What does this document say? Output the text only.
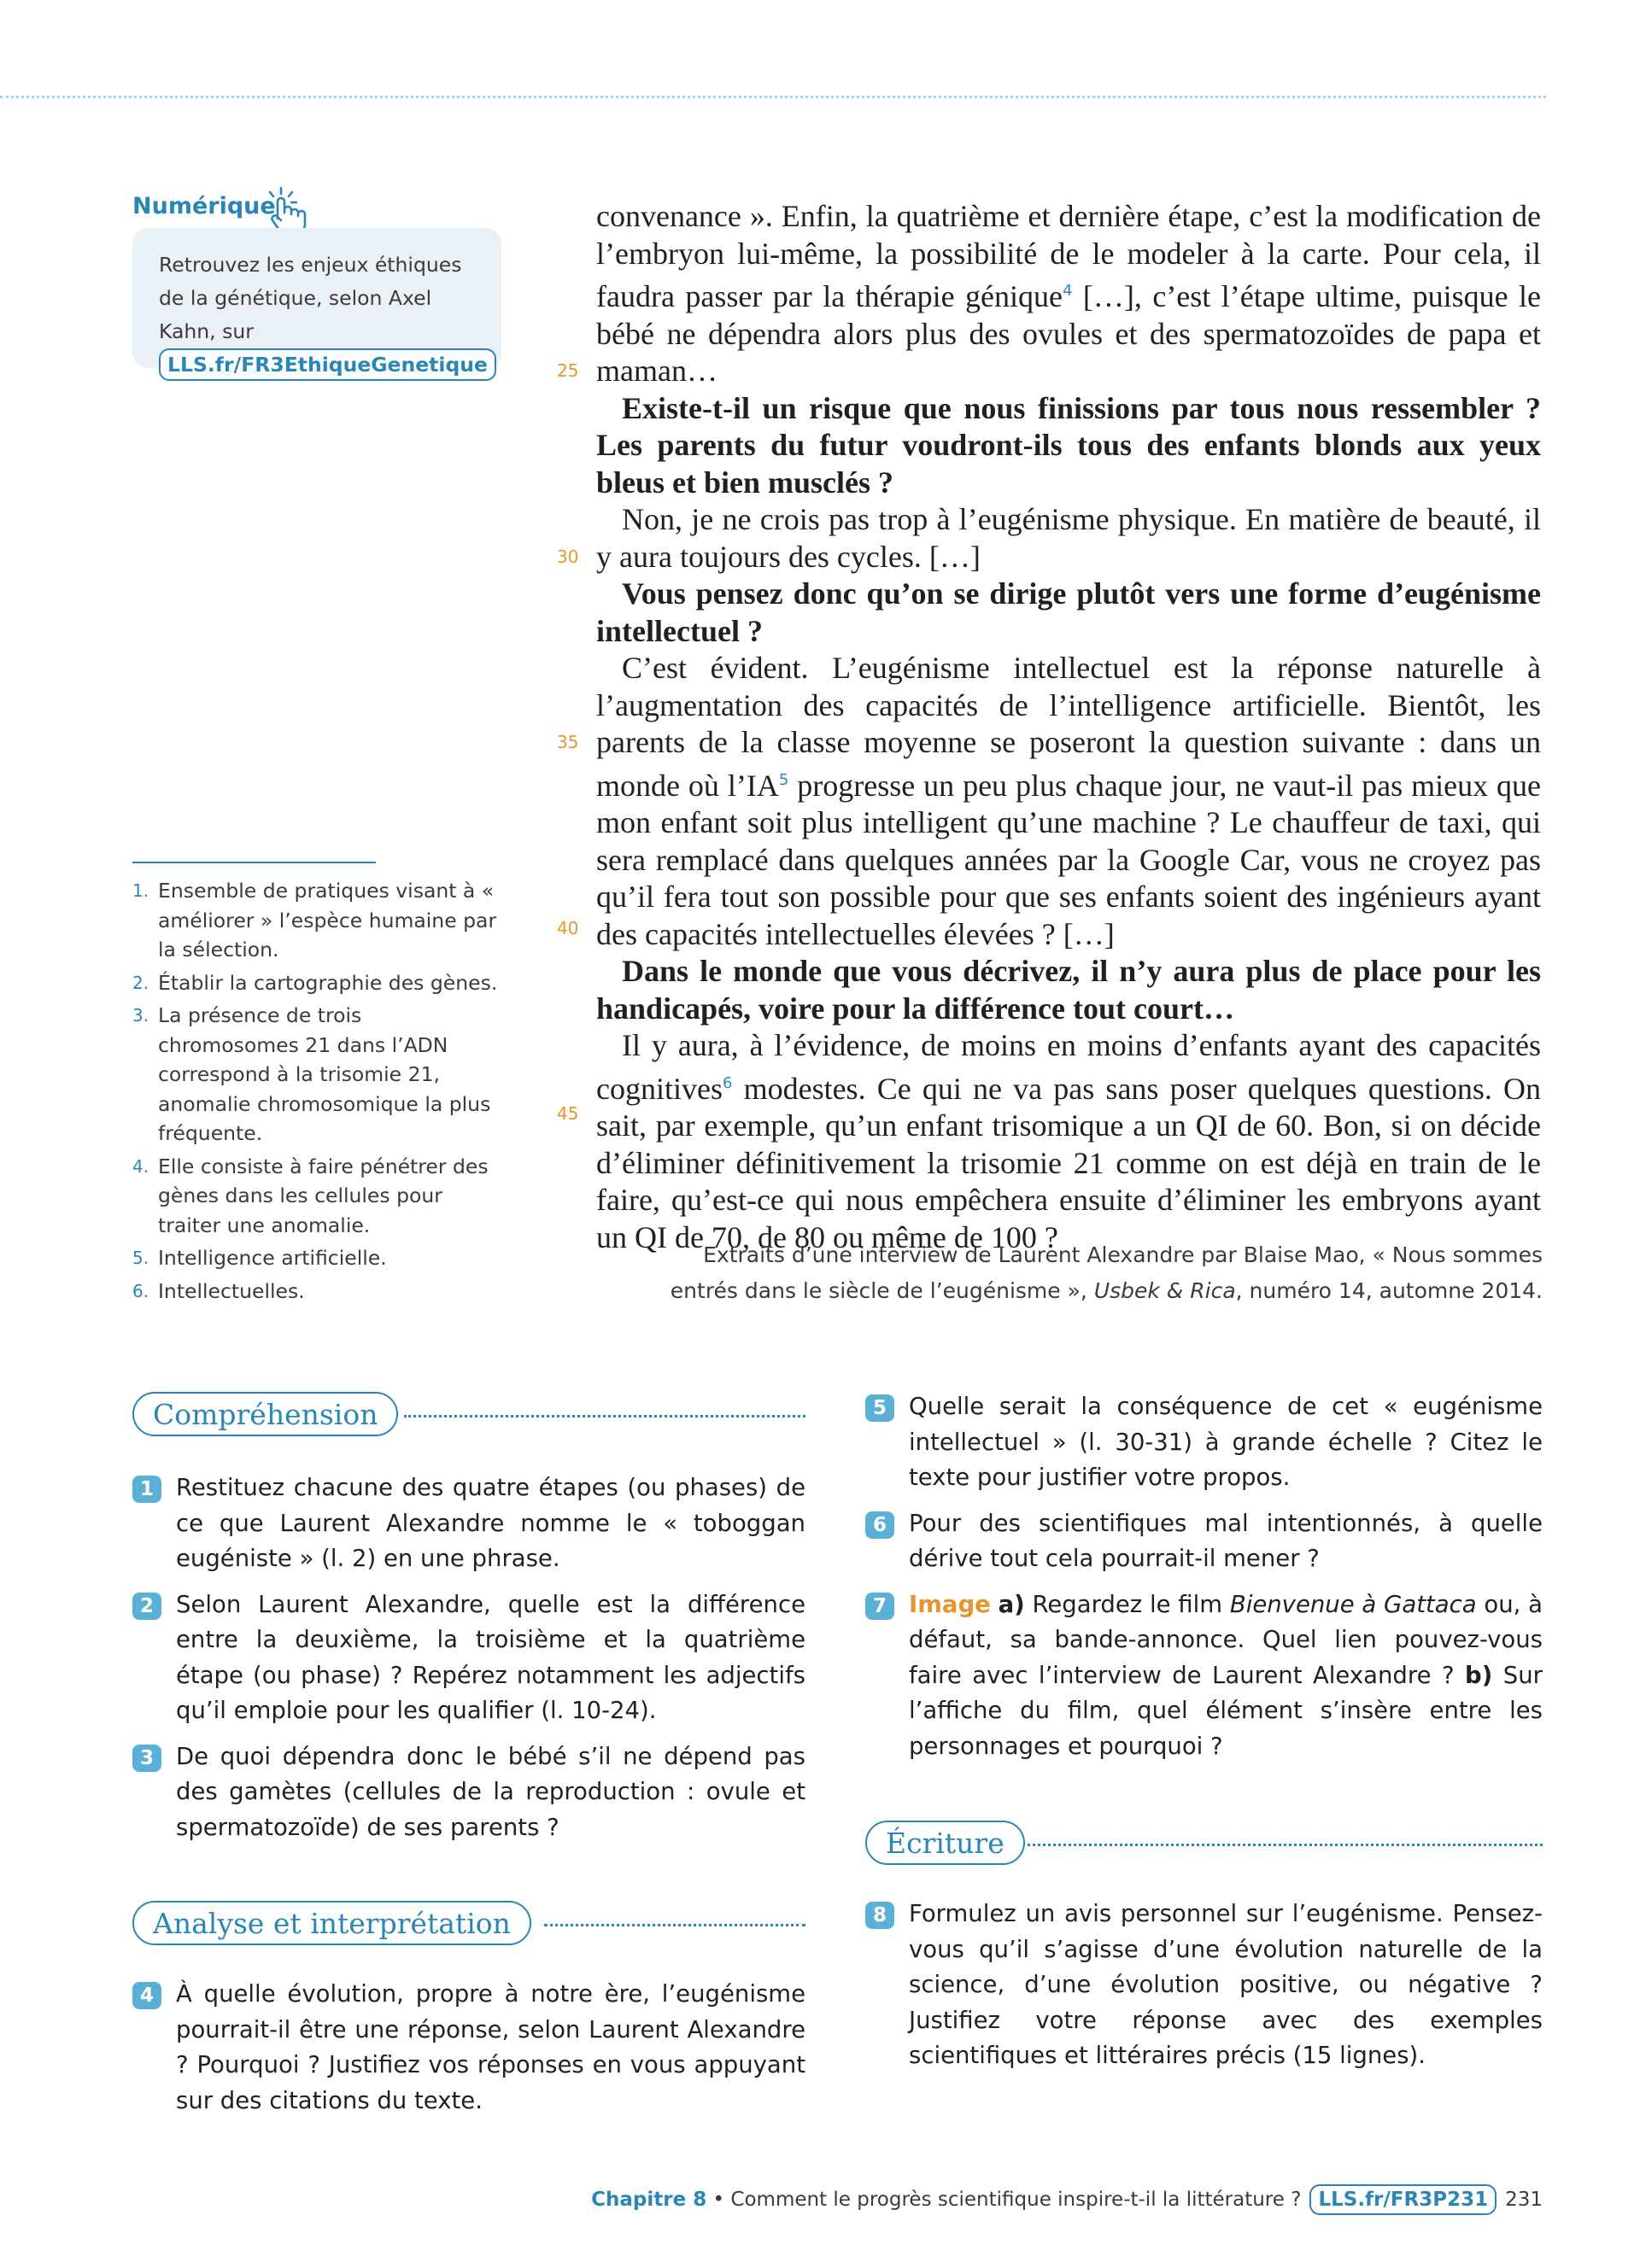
Numérique
Retrouvez les enjeux éthiques de la génétique, selon Axel Kahn, sur
LLS.fr/FR3EthiqueGenetique
1. Ensemble de pratiques visant à « améliorer » l’espèce humaine par la sélection.
2. Établir la cartographie des gènes.
3. La présence de trois chromosomes 21 dans l’ADN correspond à la trisomie 21, anomalie chromosomique la plus fréquente.
4. Elle consiste à faire pénétrer des gènes dans les cellules pour traiter une anomalie.
5. Intelligence artificielle.
6. Intellectuelles.
25
30
35
40
45

convenance ». Enfin, la quatrième et dernière étape, c’est la modification de l’embryon lui-même, la possibilité de le modeler à la carte. Pour cela, il faudra passer par la thérapie génique$^4$ […], c’est l’étape ultime, puisque le bébé ne dépendra alors plus des ovules et des spermatozoïdes de papa et maman…

Existe-t-il un risque que nous finissions par tous nous ressembler ? Les parents du futur voudront-ils tous des enfants blonds aux yeux bleus et bien musclés ?

Non, je ne crois pas trop à l’eugénisme physique. En matière de beauté, il y aura toujours des cycles. […]

Vous pensez donc qu’on se dirige plutôt vers une forme d’eugénisme intellectuel ?

C’est évident. L’eugénisme intellectuel est la réponse naturelle à l’augmentation des capacités de l’intelligence artificielle. Bientôt, les parents de la classe moyenne se poseront la question suivante : dans un monde où $l’IA^5$ progresse un peu plus chaque jour, ne vaut-il pas mieux que mon enfant soit plus intelligent qu’une machine ? Le chauffeur de taxi, qui sera remplacé dans quelques années par la Google Car, vous ne croyez pas qu’il fera tout son possible pour que ses enfants soient des ingénieurs ayant des capacités intellectuelles élevées ? […]

Dans le monde que vous décrivez, il n’y aura plus de place pour les handicapés, voire pour la différence tout court…

Il y aura, à l’évidence, de moins en moins d’enfants ayant des capacités cognitives$^6$ modestes. Ce qui ne va pas sans poser quelques questions. On sait, par exemple, qu’un enfant trisomique a un QI de 60. Bon, si on décide d’éliminer définitivement la trisomie 21 comme on est déjà en train de le faire, qu’est-ce qui nous empêchera ensuite d’éliminer les embryons ayant un QI de 70, de 80 ou même de 100 ?

Extraits d’une interview de Laurent Alexandre par Blaise Mao, « Nous sommes
entrés dans le siècle de l’eugénisme », Usbek & Rica, numéro 14, automne 2014.
Compréhension
Analyse et interprétation
Écriture
1 Restituez chacune des quatre étapes (ou phases) de ce que Laurent Alexandre nomme le « toboggan eugéniste » (l. 2) en une phrase.
2 Selon Laurent Alexandre, quelle est la différence entre la deuxième, la troisième et la quatrième étape (ou phase) ? Repérez notamment les adjectifs qu’il emploie pour les qualifier (l. 10-24).
3 De quoi dépendra donc le bébé s’il ne dépend pas des gamètes (cellules de la reproduction : ovule et spermatozoïde) de ses parents ?
4 À quelle évolution, propre à notre ère, l’eugénisme pourrait-il être une réponse, selon Laurent Alexandre ? Pourquoi ? Justifiez vos réponses en vous appuyant sur des citations du texte.
5 Quelle serait la conséquence de cet « eugénisme intellectuel » (l. 30-31) à grande échelle ? Citez le texte pour justifier votre propos.
6 Pour des scientifiques mal intentionnés, à quelle dérive tout cela pourrait-il mener ?
7 Image a) Regardez le film Bienvenue à Gattaca ou, à défaut, sa bande-annonce. Quel lien pouvez-vous faire avec l’interview de Laurent Alexandre ? b) Sur l’affiche du film, quel élément s’insère entre les personnages et pourquoi ?
8 Formulez un avis personnel sur l’eugénisme. Pensez-vous qu’il s’agisse d’une évolution naturelle de la science, d’une évolution positive, ou négative ? Justifiez votre réponse avec des exemples scientifiques et littéraires précis (15 lignes).
Chapitre 8 • Comment le progrès scientifique inspire-t-il la littérature ? LLS.fr/FR3P231 231
